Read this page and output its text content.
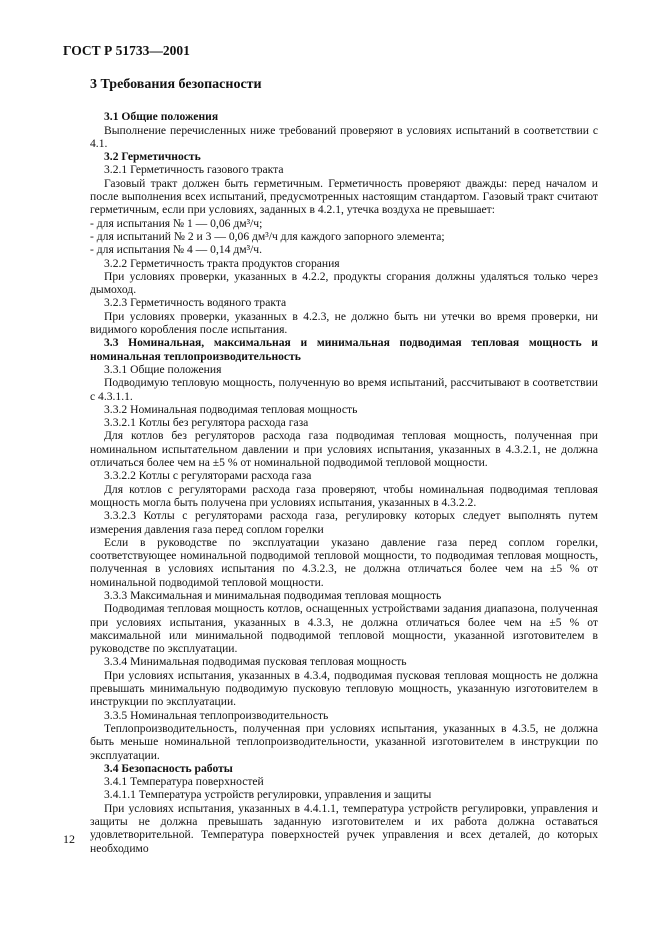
ГОСТ Р 51733—2001
3 Требования безопасности

3.1 Общие положения

Выполнение перечисленных ниже требований проверяют в условиях испытаний в соответствии с 4.1.

3.2 Герметичность

3.2.1 Герметичность газового тракта

Газовый тракт должен быть герметичным. Герметичность проверяют дважды: перед началом и после выполнения всех испытаний, предусмотренных настоящим стандартом. Газовый тракт считают герметичным, если при условиях, заданных в 4.2.1, утечка воздуха не превышает:

- для испытания № 1 — 0,06 дм³/ч;

- для испытаний № 2 и 3 — 0,06 дм³/ч для каждого запорного элемента;

- для испытания № 4 — 0,14 дм³/ч.

3.2.2 Герметичность тракта продуктов сгорания

При условиях проверки, указанных в 4.2.2, продукты сгорания должны удаляться только через дымоход.

3.2.3 Герметичность водяного тракта

При условиях проверки, указанных в 4.2.3, не должно быть ни утечки во время проверки, ни видимого коробления после испытания.

3.3 Номинальная, максимальная и минимальная подводимая тепловая мощность и номинальная теплопроизводительность

3.3.1 Общие положения

Подводимую тепловую мощность, полученную во время испытаний, рассчитывают в соответствии с 4.3.1.1.

3.3.2 Номинальная подводимая тепловая мощность

3.3.2.1 Котлы без регулятора расхода газа

Для котлов без регуляторов расхода газа подводимая тепловая мощность, полученная при номинальном испытательном давлении и при условиях испытания, указанных в 4.3.2.1, не должна отличаться более чем на ±5 % от номинальной подводимой тепловой мощности.

3.3.2.2 Котлы с регуляторами расхода газа

Для котлов с регуляторами расхода газа проверяют, чтобы номинальная подводимая тепловая мощность могла быть получена при условиях испытания, указанных в 4.3.2.2.

3.3.2.3 Котлы с регуляторами расхода газа, регулировку которых следует выполнять путем измерения давления газа перед соплом горелки

Если в руководстве по эксплуатации указано давление газа перед соплом горелки, соответствующее номинальной подводимой тепловой мощности, то подводимая тепловая мощность, полученная в условиях испытания по 4.3.2.3, не должна отличаться более чем на ±5 % от номинальной подводимой тепловой мощности.

3.3.3 Максимальная и минимальная подводимая тепловая мощность

Подводимая тепловая мощность котлов, оснащенных устройствами задания диапазона, полученная при условиях испытания, указанных в 4.3.3, не должна отличаться более чем на ±5 % от максимальной или минимальной подводимой тепловой мощности, указанной изготовителем в руководстве по эксплуатации.

3.3.4 Минимальная подводимая пусковая тепловая мощность

При условиях испытания, указанных в 4.3.4, подводимая пусковая тепловая мощность не должна превышать минимальную подводимую пусковую тепловую мощность, указанную изготовителем в инструкции по эксплуатации.

3.3.5 Номинальная теплопроизводительность

Теплопроизводительность, полученная при условиях испытания, указанных в 4.3.5, не должна быть меньше номинальной теплопроизводительности, указанной изготовителем в инструкции по эксплуатации.

3.4 Безопасность работы

3.4.1 Температура поверхностей

3.4.1.1 Температура устройств регулировки, управления и защиты

При условиях испытания, указанных в 4.4.1.1, температура устройств регулировки, управления и защиты не должна превышать заданную изготовителем и их работа должна оставаться удовлетворительной. Температура поверхностей ручек управления и всех деталей, до которых необходимо

12
